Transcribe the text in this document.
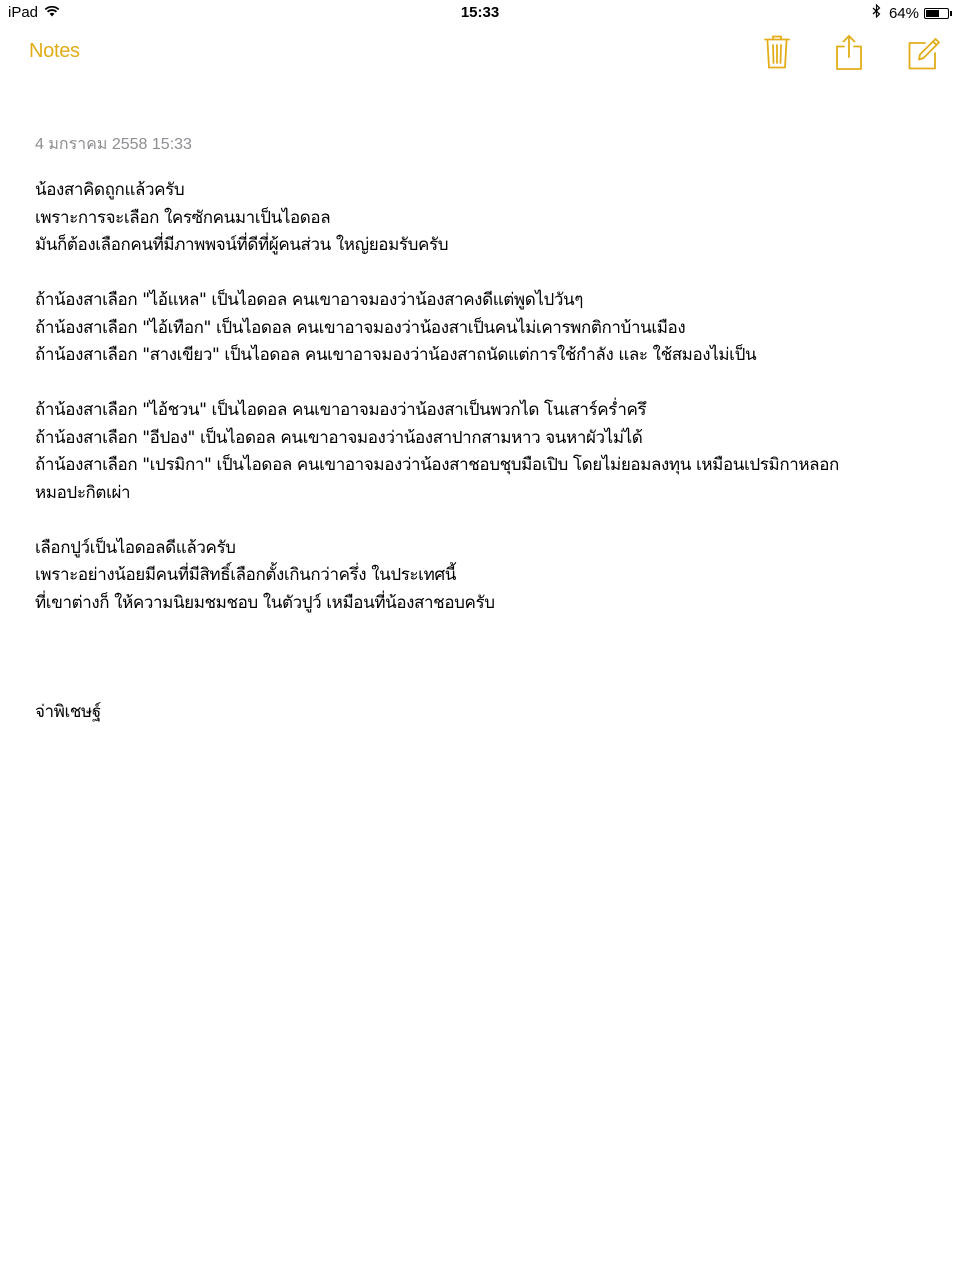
iPad	15:33	64%
Notes
4 มกราคม 2558 15:33
น้องสาคิดถูกแล้วครับ
เพราะการจะเลือก ใครซักคนมาเป็นไอดอล
มันก็ต้องเลือกคนที่มีภาพพจน์ที่ดีที่ผู้คนส่วน ใหญ่ยอมรับครับ
ถ้าน้องสาเลือก "ไอ้แหล" เป็นไอดอล คนเขาอาจมองว่าน้องสาคงดีแต่พูดไปวันๆ
ถ้าน้องสาเลือก "ไอ้เทือก" เป็นไอดอล คนเขาอาจมองว่าน้องสาเป็นคนไม่เคารพกติกาบ้านเมือง
ถ้าน้องสาเลือก "สางเขียว" เป็นไอดอล คนเขาอาจมองว่าน้องสาถนัดแต่การใช้กำลัง และ ใช้สมองไม่เป็น
ถ้าน้องสาเลือก "ไอ้ชวน" เป็นไอดอล คนเขาอาจมองว่าน้องสาเป็นพวกได โนเสาร์คร่ำครึ
ถ้าน้องสาเลือก "อีปอง" เป็นไอดอล คนเขาอาจมองว่าน้องสาปากสามหาว จนหาผัวไม่ได้
ถ้าน้องสาเลือก "เปรมิกา" เป็นไอดอล คนเขาอาจมองว่าน้องสาชอบชุบมือเปิบ โดยไม่ยอมลงทุน เหมือนเปรมิกาหลอก
หมอปะกิตเผ่า
เลือกปูว์เป็นไอดอลดีแล้วครับ
เพราะอย่างน้อยมีคนที่มีสิทธิ์เลือกตั้งเกินกว่าครึ่ง ในประเทศนี้
ที่เขาต่างก็ ให้ความนิยมชมชอบ ในตัวปูว์ เหมือนที่น้องสาชอบครับ
จ่าพิเชษฐ์
